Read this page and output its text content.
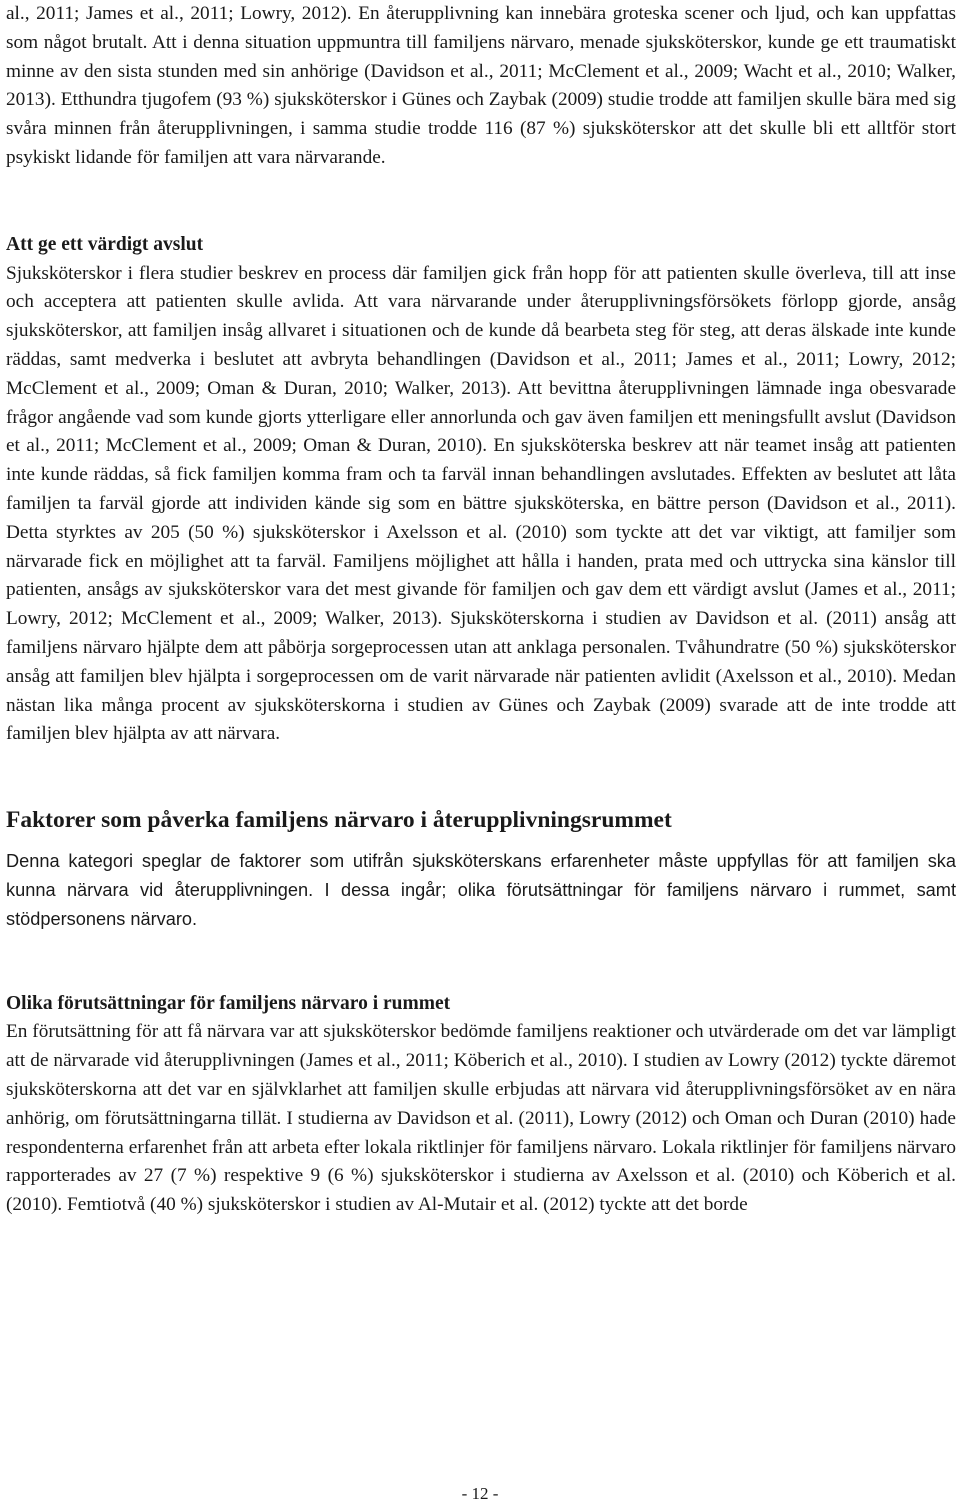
al., 2011; James et al., 2011; Lowry, 2012). En återupplivning kan innebära groteska scener och ljud, och kan uppfattas som något brutalt. Att i denna situation uppmuntra till familjens närvaro, menade sjuksköterskor, kunde ge ett traumatiskt minne av den sista stunden med sin anhörige (Davidson et al., 2011; McClement et al., 2009; Wacht et al., 2010; Walker, 2013). Etthundra tjugofem (93 %) sjuksköterskor i Günes och Zaybak (2009) studie trodde att familjen skulle bära med sig svåra minnen från återupplivningen, i samma studie trodde 116 (87 %) sjuksköterskor att det skulle bli ett alltför stort psykiskt lidande för familjen att vara närvarande.

Att ge ett värdigt avslut

Sjuksköterskor i flera studier beskrev en process där familjen gick från hopp för att patienten skulle överleva, till att inse och acceptera att patienten skulle avlida. Att vara närvarande under återupplivningsförsökets förlopp gjorde, ansåg sjuksköterskor, att familjen insåg allvaret i situationen och de kunde då bearbeta steg för steg, att deras älskade inte kunde räddas, samt medverka i beslutet att avbryta behandlingen (Davidson et al., 2011; James et al., 2011; Lowry, 2012; McClement et al., 2009; Oman & Duran, 2010; Walker, 2013). Att bevittna återupplivningen lämnade inga obesvarade frågor angående vad som kunde gjorts ytterligare eller annorlunda och gav även familjen ett meningsfullt avslut (Davidson et al., 2011; McClement et al., 2009; Oman & Duran, 2010). En sjuksköterska beskrev att när teamet insåg att patienten inte kunde räddas, så fick familjen komma fram och ta farväl innan behandlingen avslutades. Effekten av beslutet att låta familjen ta farväl gjorde att individen kände sig som en bättre sjuksköterska, en bättre person (Davidson et al., 2011). Detta styrktes av 205 (50 %) sjuksköterskor i Axelsson et al. (2010) som tyckte att det var viktigt, att familjer som närvarade fick en möjlighet att ta farväl. Familjens möjlighet att hålla i handen, prata med och uttrycka sina känslor till patienten, ansågs av sjuksköterskor vara det mest givande för familjen och gav dem ett värdigt avslut (James et al., 2011; Lowry, 2012; McClement et al., 2009; Walker, 2013). Sjuksköterskorna i studien av Davidson et al. (2011) ansåg att familjens närvaro hjälpte dem att påbörja sorgeprocessen utan att anklaga personalen. Tvåhundratre (50 %) sjuksköterskor ansåg att familjen blev hjälpta i sorgeprocessen om de varit närvarade när patienten avlidit (Axelsson et al., 2010). Medan nästan lika många procent av sjuksköterskorna i studien av Günes och Zaybak (2009) svarade att de inte trodde att familjen blev hjälpta av att närvara.

Faktorer som påverka familjens närvaro i återupplivningsrummet

Denna kategori speglar de faktorer som utifrån sjuksköterskans erfarenheter måste uppfyllas för att familjen ska kunna närvara vid återupplivningen. I dessa ingår; olika förutsättningar för familjens närvaro i rummet, samt stödpersonens närvaro.

Olika förutsättningar för familjens närvaro i rummet

En förutsättning för att få närvara var att sjuksköterskor bedömde familjens reaktioner och utvärderade om det var lämpligt att de närvarade vid återupplivningen (James et al., 2011; Köberich et al., 2010). I studien av Lowry (2012) tyckte däremot sjuksköterskorna att det var en självklarhet att familjen skulle erbjudas att närvara vid återupplivningsförsöket av en nära anhörig, om förutsättningarna tillät. I studierna av Davidson et al. (2011), Lowry (2012) och Oman och Duran (2010) hade respondenterna erfarenhet från att arbeta efter lokala riktlinjer för familjens närvaro. Lokala riktlinjer för familjens närvaro rapporterades av 27 (7 %) respektive 9 (6 %) sjuksköterskor i studierna av Axelsson et al. (2010) och Köberich et al. (2010). Femtiotvå (40 %) sjuksköterskor i studien av Al-Mutair et al. (2012) tyckte att det borde

- 12 -
